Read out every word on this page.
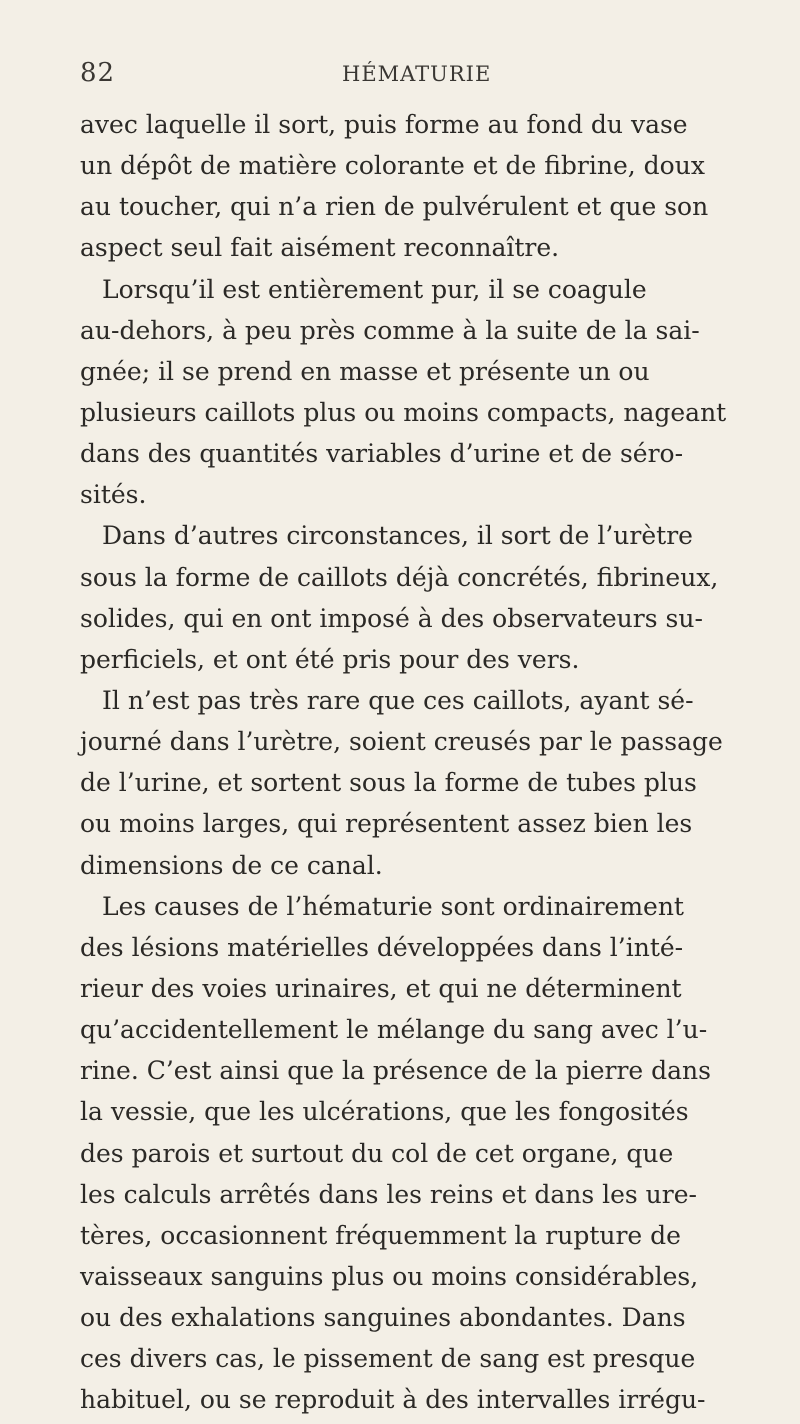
82	HÉMATURIE
avec laquelle il sort, puis forme au fond du vase
un dépôt de matière colorante et de fibrine, doux
au toucher, qui n’a rien de pulvérulent et que son
aspect seul fait aisément reconnaître.
Lorsqu’il est entièrement pur, il se coagule
au-dehors, à peu près comme à la suite de la sai-
gnée; il se prend en masse et présente un ou
plusieurs caillots plus ou moins compacts, nageant
dans des quantités variables d’urine et de séro-
sités.
Dans d’autres circonstances, il sort de l’urètre
sous la forme de caillots déjà concrétés, fibrineux,
solides, qui en ont imposé à des observateurs su-
perficiels, et ont été pris pour des vers.
Il n’est pas très rare que ces caillots, ayant sé-
journé dans l’urètre, soient creusés par le passage
de l’urine, et sortent sous la forme de tubes plus
ou moins larges, qui représentent assez bien les
dimensions de ce canal.
Les causes de l’hématurie sont ordinairement
des lésions matérielles développées dans l’inté-
rieur des voies urinaires, et qui ne déterminent
qu’accidentellement le mélange du sang avec l’u-
rine. C’est ainsi que la présence de la pierre dans
la vessie, que les ulcérations, que les fongosités
des parois et surtout du col de cet organe, que
les calculs arrêtés dans les reins et dans les ure-
tères, occasionnent fréquemment la rupture de
vaisseaux sanguins plus ou moins considérables,
ou des exhalations sanguines abondantes. Dans
ces divers cas, le pissement de sang est presque
habituel, ou se reproduit à des intervalles irrégu-
